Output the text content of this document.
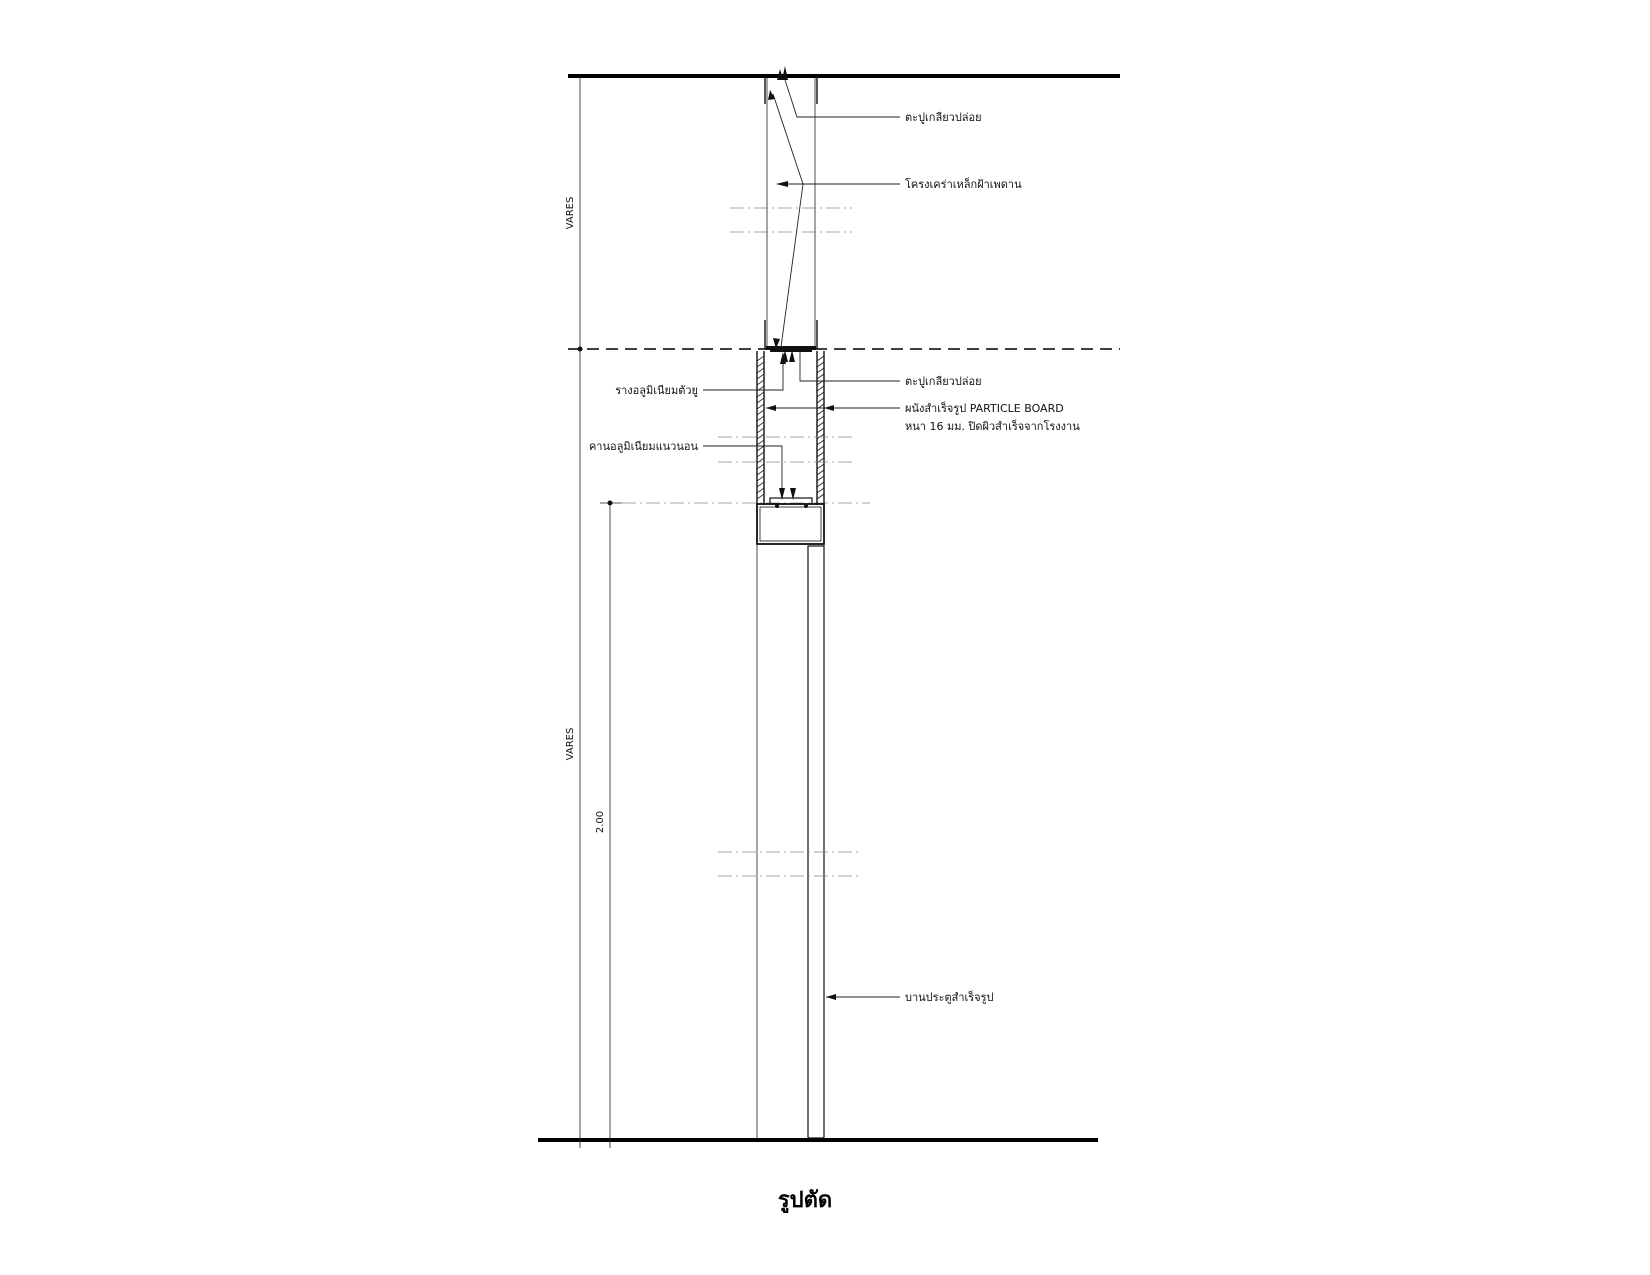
VARES
VARES
2.00
ตะปูเกลียวปล่อย
โครงเคร่าเหล็กฝ้าเพดาน
ตะปูเกลียวปล่อย
รางอลูมิเนียมตัวยู
ผนังสำเร็จรูป PARTICLE BOARD
หนา 16 มม. ปิดผิวสำเร็จจากโรงงาน
คานอลูมิเนียมแนวนอน
บานประตูสำเร็จรูป
รูปตัด
